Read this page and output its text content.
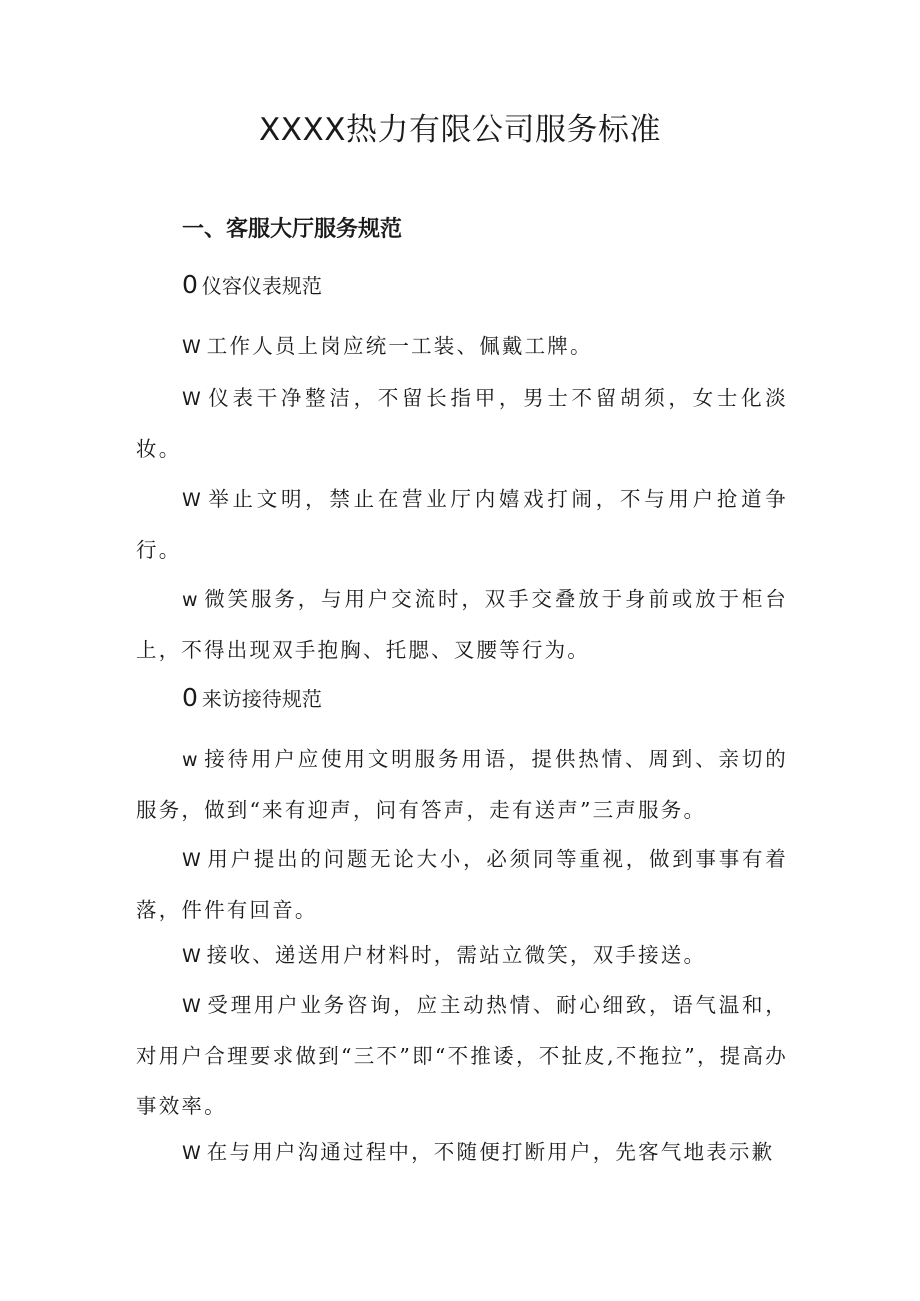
XXXX热力有限公司服务标准
一、客服大厅服务规范
0 仪容仪表规范
W 工作人员上岗应统一工装、佩戴工牌。
W 仪表干净整洁，不留长指甲，男士不留胡须，女士化淡妆。
W 举止文明，禁止在营业厅内嬉戏打闹，不与用户抢道争行。
w 微笑服务，与用户交流时，双手交叠放于身前或放于柜台上，不得出现双手抱胸、托腮、叉腰等行为。
0 来访接待规范
w 接待用户应使用文明服务用语，提供热情、周到、亲切的服务，做到“来有迎声，问有答声，走有送声”三声服务。
W 用户提出的问题无论大小，必须同等重视，做到事事有着落，件件有回音。
W 接收、递送用户材料时，需站立微笑，双手接送。
W 受理用户业务咨询，应主动热情、耐心细致，语气温和，对用户合理要求做到“三不”即“不推诿，不扯皮,不拖拉”，提高办事效率。
W 在与用户沟通过程中，不随便打断用户，先客气地表示歉
